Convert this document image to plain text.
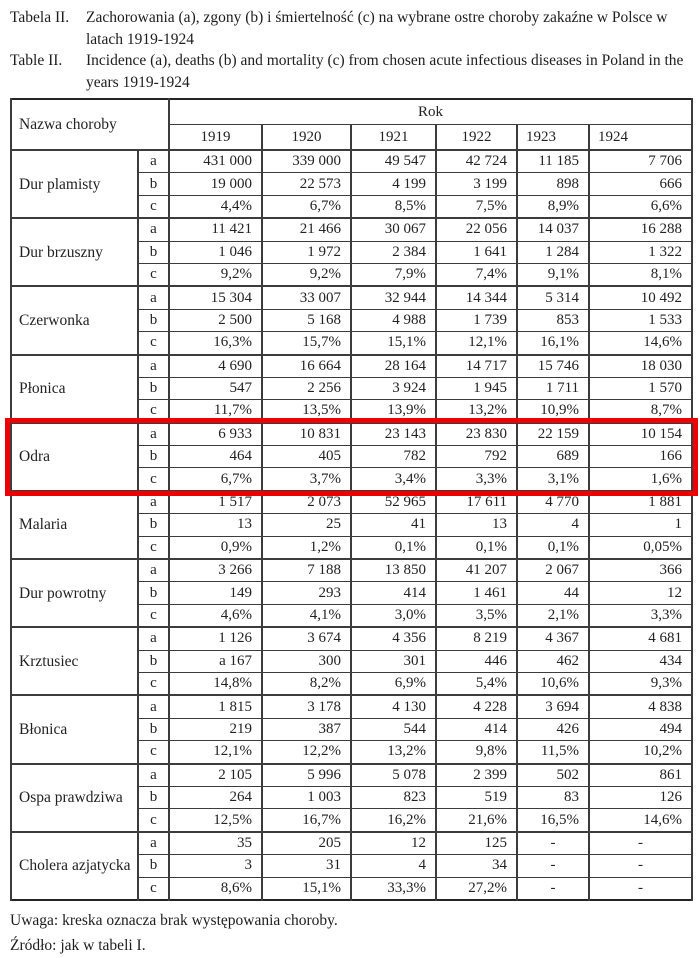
Tabela II.	Zachorowania (a), zgony (b) i śmiertelność (c) na wybrane ostre choroby zakaźne w Polsce w latach 1919-1924
Table II.	Incidence (a), deaths (b) and mortality (c) from chosen acute infectious diseases in Poland in the years 1919-1924
Nazwa choroby		Rok					
		1919	1920	1921	1922	1923	1924
Dur plamisty	a	431 000	339 000	49 547	42 724	11 185	7 706
	b	19 000	22 573	4 199	3 199	898	666
	c	4,4%	6,7%	8,5%	7,5%	8,9%	6,6%
Dur brzuszny	a	11 421	21 466	30 067	22 056	14 037	16 288
	b	1 046	1 972	2 384	1 641	1 284	1 322
	c	9,2%	9,2%	7,9%	7,4%	9,1%	8,1%
Czerwonka	a	15 304	33 007	32 944	14 344	5 314	10 492
	b	2 500	5 168	4 988	1 739	853	1 533
	c	16,3%	15,7%	15,1%	12,1%	16,1%	14,6%
Płonica	a	4 690	16 664	28 164	14 717	15 746	18 030
	b	547	2 256	3 924	1 945	1 711	1 570
	c	11,7%	13,5%	13,9%	13,2%	10,9%	8,7%
Odra	a	6 933	10 831	23 143	23 830	22 159	10 154
	b	464	405	782	792	689	166
	c	6,7%	3,7%	3,4%	3,3%	3,1%	1,6%
Malaria	a	1 517	2 073	52 965	17 611	4 770	1 881
	b	13	25	41	13	4	1
	c	0,9%	1,2%	0,1%	0,1%	0,1%	0,05%
Dur powrotny	a	3 266	7 188	13 850	41 207	2 067	366
	b	149	293	414	1 461	44	12
	c	4,6%	4,1%	3,0%	3,5%	2,1%	3,3%
Krztusiec	a	1 126	3 674	4 356	8 219	4 367	4 681
	b	a 167	300	301	446	462	434
	c	14,8%	8,2%	6,9%	5,4%	10,6%	9,3%
Błonica	a	1 815	3 178	4 130	4 228	3 694	4 838
	b	219	387	544	414	426	494
	c	12,1%	12,2%	13,2%	9,8%	11,5%	10,2%
Ospa prawdziwa	a	2 105	5 996	5 078	2 399	502	861
	b	264	1 003	823	519	83	126
	c	12,5%	16,7%	16,2%	21,6%	16,5%	14,6%
Cholera azjatycka	a	35	205	12	125	-	-
	b	3	31	4	34	-	-
	c	8,6%	15,1%	33,3%	27,2%	-	-
Uwaga: kreska oznacza brak występowania choroby.
Źródło: jak w tabeli I.
